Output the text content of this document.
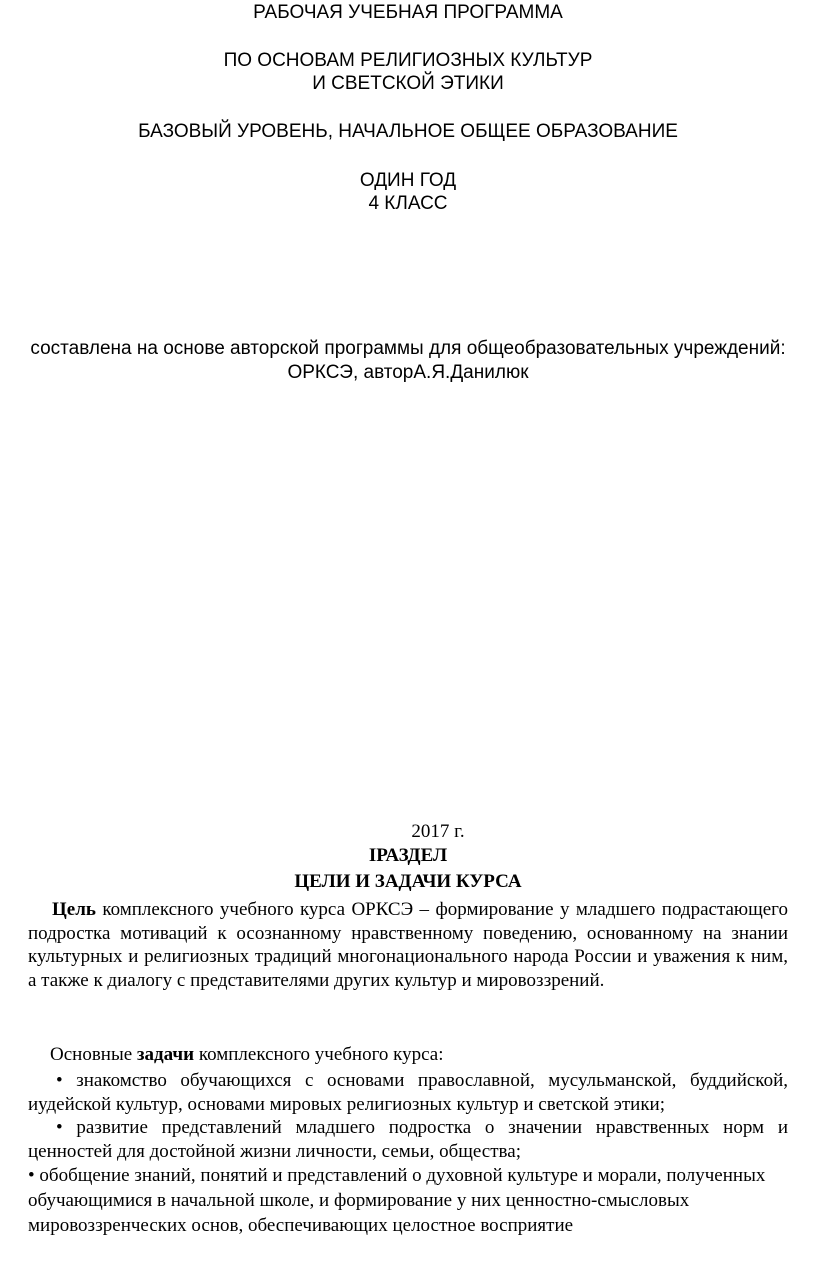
РАБОЧАЯ УЧЕБНАЯ ПРОГРАММА
ПО ОСНОВАМ РЕЛИГИОЗНЫХ КУЛЬТУР
И СВЕТСКОЙ ЭТИКИ
БАЗОВЫЙ УРОВЕНЬ, НАЧАЛЬНОЕ ОБЩЕЕ ОБРАЗОВАНИЕ
ОДИН ГОД
4 КЛАСС
составлена на основе авторской программы для общеобразовательных учреждений:
ОРКСЭ, авторА.Я.Данилюк
2017 г.
IРАЗДЕЛ
ЦЕЛИ И ЗАДАЧИ КУРСА
Цель комплексного учебного курса ОРКСЭ – формирование у младшего подрастающего подростка мотиваций к осознанному нравственному поведению, основанному на знании культурных и религиозных традиций многонационального народа России и уважения к ним, а также к диалогу с представителями других культур и мировоззрений.
Основные задачи комплексного учебного курса:
• знакомство обучающихся с основами православной, мусульманской, буддийской, иудейской культур, основами мировых религиозных культур и светской этики;
• развитие представлений младшего подростка о значении нравственных норм и ценностей для достойной жизни личности, семьи, общества;
• обобщение знаний, понятий и представлений о духовной культуре и морали, полученных обучающимися в начальной школе, и формирование у них ценностно-смысловых мировоззренческих основ, обеспечивающих целостное восприятие
